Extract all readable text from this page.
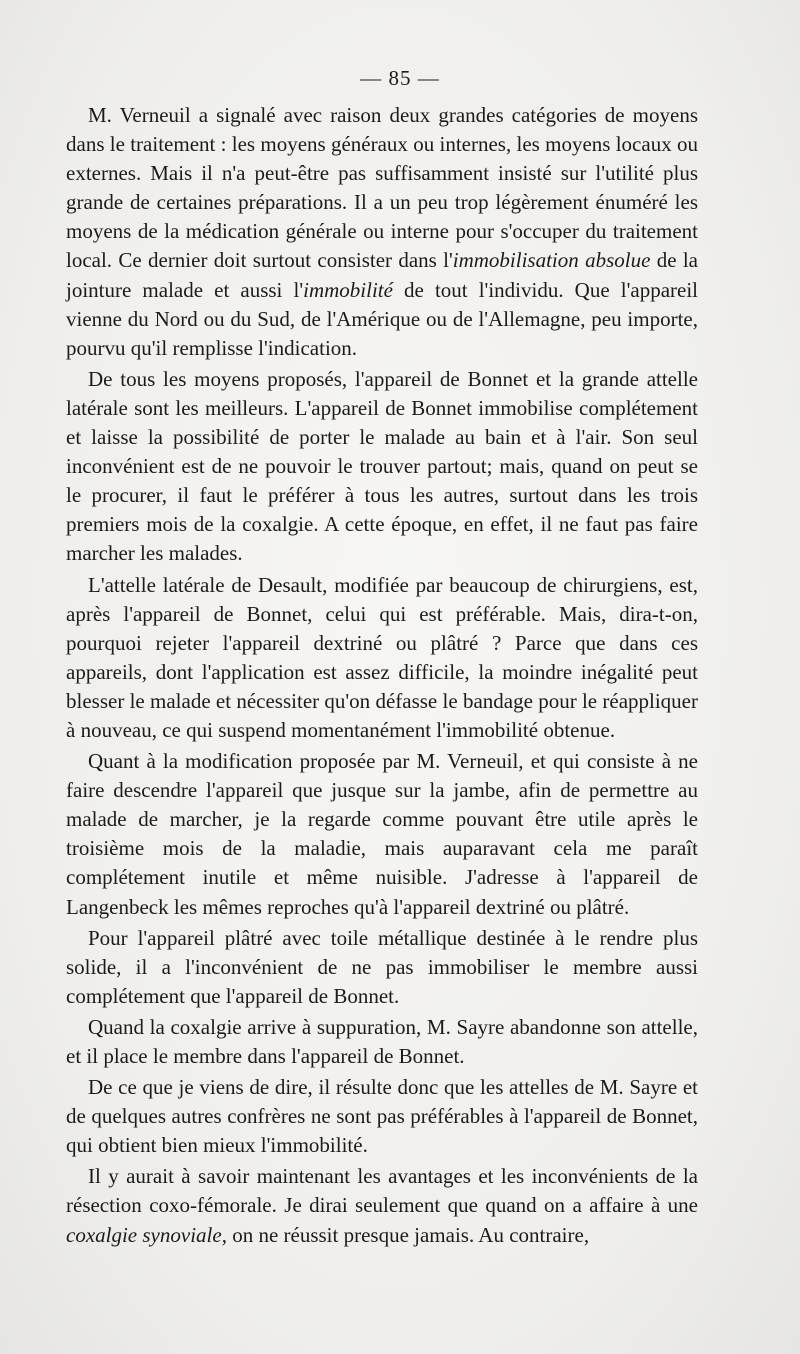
— 85 —

M. Verneuil a signalé avec raison deux grandes catégories de moyens dans le traitement : les moyens généraux ou internes, les moyens locaux ou externes. Mais il n'a peut-être pas suffisamment insisté sur l'utilité plus grande de certaines préparations. Il a un peu trop légèrement énuméré les moyens de la médication générale ou interne pour s'occuper du traitement local. Ce dernier doit surtout consister dans l'immobilisation absolue de la jointure malade et aussi l'immobilité de tout l'individu. Que l'appareil vienne du Nord ou du Sud, de l'Amérique ou de l'Allemagne, peu importe, pourvu qu'il remplisse l'indication.

De tous les moyens proposés, l'appareil de Bonnet et la grande attelle latérale sont les meilleurs. L'appareil de Bonnet immobilise complétement et laisse la possibilité de porter le malade au bain et à l'air. Son seul inconvénient est de ne pouvoir le trouver partout; mais, quand on peut se le procurer, il faut le préférer à tous les autres, surtout dans les trois premiers mois de la coxalgie. A cette époque, en effet, il ne faut pas faire marcher les malades.

L'attelle latérale de Desault, modifiée par beaucoup de chirurgiens, est, après l'appareil de Bonnet, celui qui est préférable. Mais, dira-t-on, pourquoi rejeter l'appareil dextriné ou plâtré ? Parce que dans ces appareils, dont l'application est assez difficile, la moindre inégalité peut blesser le malade et nécessiter qu'on défasse le bandage pour le réappliquer à nouveau, ce qui suspend momentanément l'immobilité obtenue.

Quant à la modification proposée par M. Verneuil, et qui consiste à ne faire descendre l'appareil que jusque sur la jambe, afin de permettre au malade de marcher, je la regarde comme pouvant être utile après le troisième mois de la maladie, mais auparavant cela me paraît complétement inutile et même nuisible. J'adresse à l'appareil de Langenbeck les mêmes reproches qu'à l'appareil dextriné ou plâtré.

Pour l'appareil plâtré avec toile métallique destinée à le rendre plus solide, il a l'inconvénient de ne pas immobiliser le membre aussi complétement que l'appareil de Bonnet.

Quand la coxalgie arrive à suppuration, M. Sayre abandonne son attelle, et il place le membre dans l'appareil de Bonnet.

De ce que je viens de dire, il résulte donc que les attelles de M. Sayre et de quelques autres confrères ne sont pas préférables à l'appareil de Bonnet, qui obtient bien mieux l'immobilité.

Il y aurait à savoir maintenant les avantages et les inconvénients de la résection coxo-fémorale. Je dirai seulement que quand on a affaire à une coxalgie synoviale, on ne réussit presque jamais. Au contraire,
